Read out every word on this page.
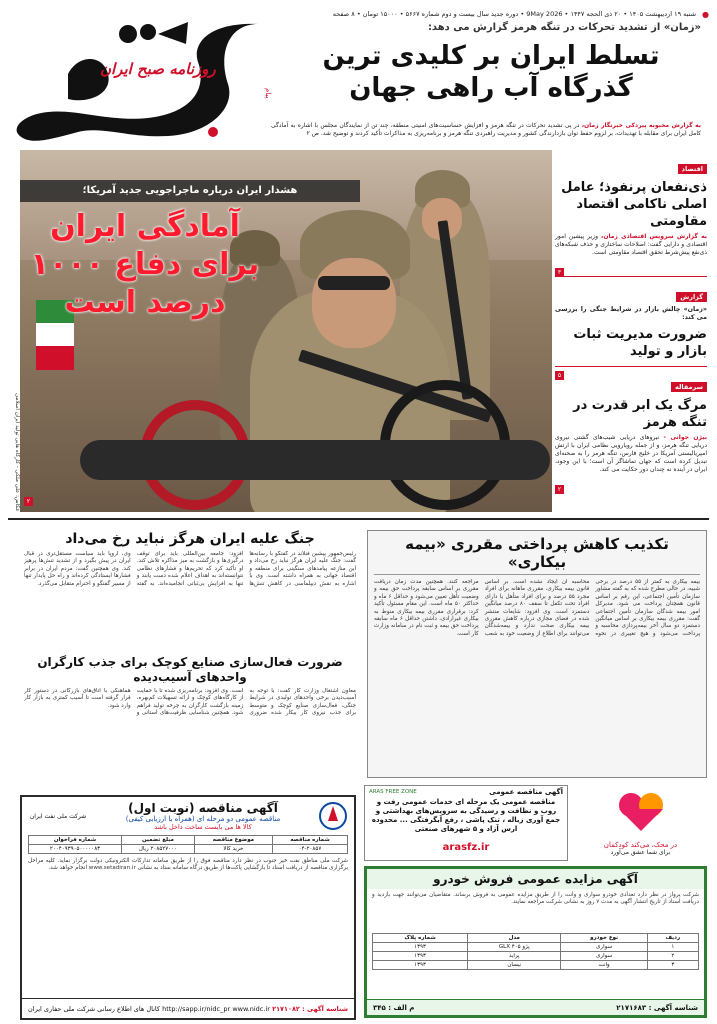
●
شنبه ۱۹ اردیبهشت ۱۴۰۵ • ۲۰ ذی الحجه ۱۴۴۷ • 9May 2026 • دوره جدید سال بیست و دوم شماره ۵۶۶۷ • ۱۵۰۰۰ تومان • ۸ صفحه
روزنامه صبح ایران
پیام
«زمان» از تشدید تحرکات در تنگه هرمز گزارش می دهد:
تسلط ایران بر کلیدی ترین گذرگاه آب راهی جهان
به گزارش محبوبه پیردکی خبرنگار زمان، در پی تشدید تحرکات در تنگه هرمز و افزایش حساسیت‌های امنیتی منطقه، چند تن از نمایندگان مجلس با اشاره به آمادگی کامل ایران برای مقابله با تهدیدات، بر لزوم حفظ توان بازدارندگی کشور و مدیریت راهبردی تنگه هرمز و برنامه‌ریزی به مذاکرات تأکید کردند و توضیح شد. ص ۲
عکاس: علی ملکی - کارگاه هایی تولید ایران اسلامی	۲
هشدار ایران درباره ماجراجویی جدید آمریکا؛
آمادگی ایران برای دفاع ۱۰۰۰ درصد است
اقتصاد
ذی‌نفعان پرنفوذ؛ عامل اصلی ناکامی اقتصاد مقاومتی
به گزارش سرویس اقتصادی زمان، وزیر پیشین امور اقتصادی و دارایی گفت: اصلاحات ساختاری و حذف شبکه‌های ذی‌نفع پیش‌شرط تحقق اقتصاد مقاومتی است.
۳
گزارش
«زمان» چالش بازار در شرایط جنگی را بررسی می کند:
ضرورت مدیریت ثبات بازار و تولید
۵
سرمقاله
مرگ یک ابر قدرت در تنگه هرمز
بیژن جوانی - نیروهای دریایی شیب‌های گشتی نیروی دریایی تنگه هرمز، و از جمله رویارویی نظامی ایران با ارتش امپریالیستی آمریکا در خلیج فارس، تنگه هرمز را به صحنه‌ای تبدیل کرده است که جهان تماشاگر آن است؛ با این وجود، ایران در آینده نه چندان دور حکایت می کند.
۲
تکذیب کاهش پرداختی مقرری «بیمه بیکاری»
بیمه بیکاری به کمتر از ۵۵ درصد در برخی شبیه، در حالی مطرح شده که به گفته مشاور سازمان تأمین اجتماعی، این رقم بر اساس قانون همچنان پرداخت می شود. مدیرکل امور بیمه شدگان سازمان تأمین اجتماعی گفت: مقرری بیمه بیکاری بر اساس میانگین دستمزد دو سال آخر بیمه‌پردازی محاسبه و پرداخت می‌شود و هیچ تغییری در نحوه محاسبه آن ایجاد نشده است. بر اساس قانون بیمه بیکاری، مقرری ماهانه برای افراد مجرد ۵۵ درصد و برای افراد متأهل یا دارای افراد تحت تکفل تا سقف ۸۰ درصد میانگین دستمزد است. وی افزود: شایعات منتشر شده در فضای مجازی درباره کاهش مقرری بیمه بیکاری صحت ندارد و بیمه‌شدگان می‌توانند برای اطلاع از وضعیت خود به شعب مراجعه کنند. همچنین مدت زمان دریافت مقرری بر اساس سابقه پرداخت حق بیمه و وضعیت تأهل تعیین می‌شود و حداقل ۶ ماه و حداکثر ۵۰ ماه است. این مقام مسئول تأکید کرد: برقراری مقرری بیمه بیکاری منوط به بیکاری غیرارادی، داشتن حداقل ۶ ماه سابقه پرداخت حق بیمه و ثبت نام در سامانه وزارت کار است.
جنگ علیه ایران هرگز نباید رخ می‌داد
رئیس‌جمهور پیشین فنلاند در گفتگو با رسانه‌ها گفت: جنگ علیه ایران هرگز نباید رخ می‌داد و این منازعه پیامدهای سنگینی برای منطقه و اقتصاد جهانی به همراه داشته است. وی با اشاره به نقش دیپلماسی در کاهش تنش‌ها افزود: جامعه بین‌المللی باید برای توقف درگیری‌ها و بازگشت به میز مذاکره تلاش کند. او تأکید کرد که تحریم‌ها و فشارهای نظامی نتوانسته‌اند به اهداف اعلام شده دست یابند و تنها به افزایش بی‌ثباتی انجامیده‌اند. به گفته وی، اروپا باید سیاست مستقل‌تری در قبال ایران در پیش بگیرد و از تشدید تنش‌ها پرهیز کند. وی همچنین گفت: مردم ایران در برابر فشارها ایستادگی کرده‌اند و راه حل پایدار تنها از مسیر گفتگو و احترام متقابل می‌گذرد.
ضرورت فعال‌سازی صنایع کوچک برای جذب کارگران واحدهای آسیب‌دیده
معاون اشتغال وزارت کار گفت: با توجه به آسیب‌دیدن برخی واحدهای تولیدی در شرایط جنگی، فعال‌سازی صنایع کوچک و متوسط برای جذب نیروی کار بیکار شده ضروری است. وی افزود: برنامه‌ریزی شده تا با حمایت از کارگاه‌های کوچک و ارائه تسهیلات کم‌بهره، زمینه بازگشت کارگران به چرخه تولید فراهم شود. همچنین شناسایی ظرفیت‌های استانی و هماهنگی با اتاق‌های بازرگانی در دستور کار قرار گرفته است تا آسیب کمتری به بازار کار وارد شود.
آگهی مناقصه (نوبت اول)
مناقصه عمومی دو مرحله ای (همراه با ارزیابی کیفی)
کالا ها می بایست ساخت داخل باشد
شرکت ملی نفت ایران
شماره مناقصه	موضوع مناقصه	مبلغ تضمین	شماره فراخوان
۰۴-۲۰۸۵۷	خرید کالا	۲۰۸۵۲۷۰۰۰ ریال	۲۰۰۴۰۹۳۹۰۵۰۰۰۰۰۸۳
شرکت ملی مناطق نفت خیز جنوب در نظر دارد مناقصه فوق را از طریق سامانه تدارکات الکترونیکی دولت برگزار نماید. کلیه مراحل برگزاری مناقصه از دریافت اسناد تا بازگشایی پاکت‌ها از طریق درگاه سامانه ستاد به نشانی www.setadiran.ir انجام خواهد شد.
شناسه آگهی : ۲۱۷۱۰۸۲
www.nidc.ir
http://sapp.ir/nidc_pr
کانال های اطلاع رسانی شرکت ملی حفاری ایران
آگهی مناقصه عمومی
ARAS FREE ZONE
مناقصه عمومی یک مرحله ای خدمات عمومی رفت و روب و نظافت و رسیدگی به سرویس‌های بهداشتی و جمع آوری زباله ، تنک پاشی ، رفع آبگرفتگی ... محدوده ارس آزاد و ۵ شهرهای صنعتی
arasfz.ir	در محک، می‌کند کودکمان
برای شما عشق می‌آورد
آگهی مزایده عمومی فروش خودرو
شرکت پرواز در نظر دارد تعدادی خودرو سواری و وانت را از طریق مزایده عمومی به فروش برساند. متقاضیان می‌توانند جهت بازدید و دریافت اسناد از تاریخ انتشار آگهی به مدت ۷ روز به نشانی شرکت مراجعه نمایند.
ردیف	نوع خودرو	مدل	شماره پلاک
۱	سواری	پژو ۴۰۵ GLX	۱۳۹۳
۲	سواری	پراید	۱۳۹۳
۳	وانت	نیسان	۱۳۹۳
شناسه آگهی : ۲۱۷۱۶۸۳
م الف : ۳۴۵
